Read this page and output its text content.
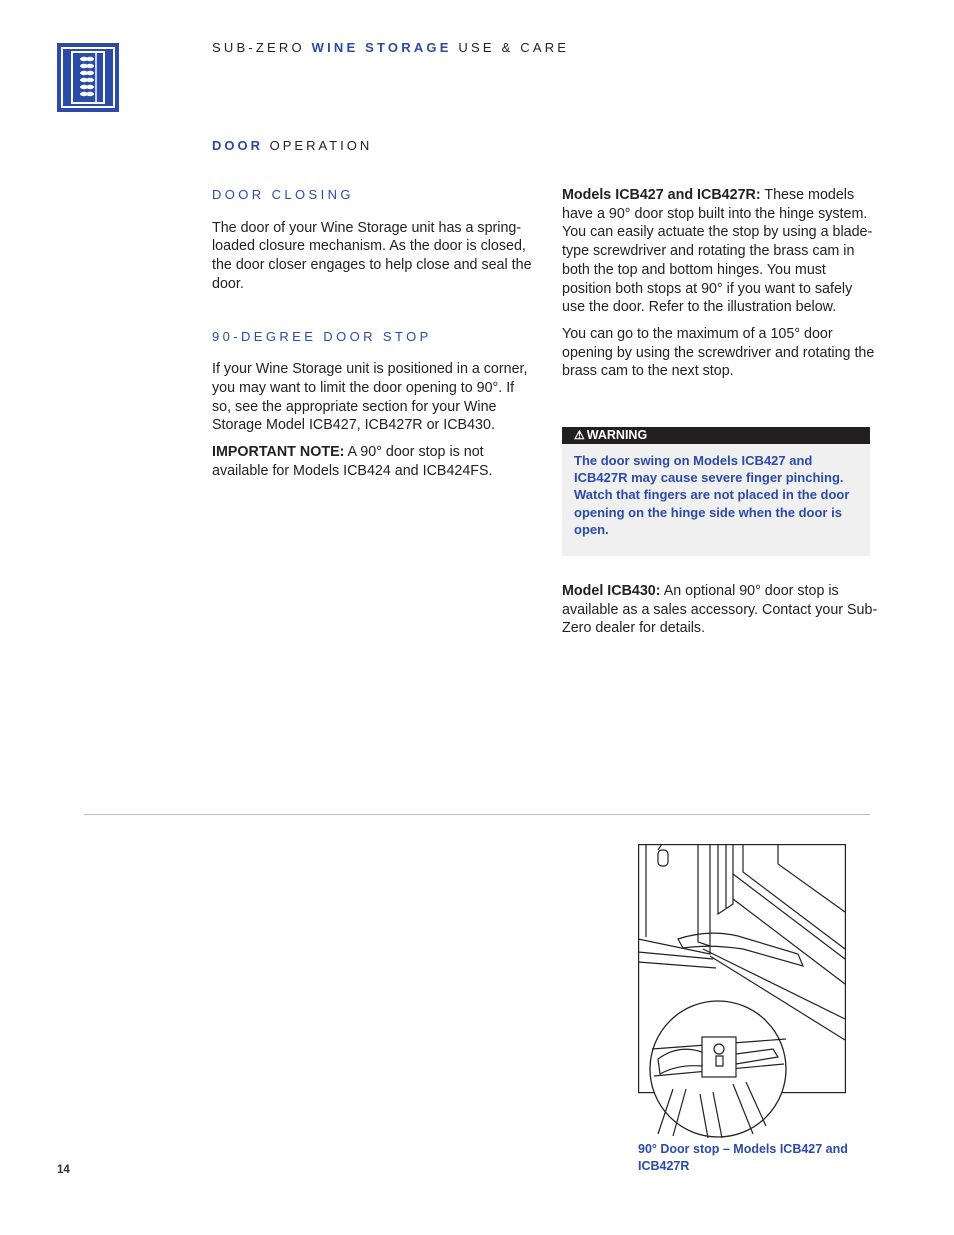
SUB-ZERO WINE STORAGE USE & CARE
DOOR OPERATION
DOOR CLOSING

The door of your Wine Storage unit has a spring-loaded closure mechanism. As the door is closed, the door closer engages to help close and seal the door.

90-DEGREE DOOR STOP

If your Wine Storage unit is positioned in a corner, you may want to limit the door opening to 90°. If so, see the appropriate section for your Wine Storage Model ICB427, ICB427R or ICB430.

IMPORTANT NOTE: A 90° door stop is not available for Models ICB424 and ICB424FS.

Models ICB427 and ICB427R: These models have a 90° door stop built into the hinge system. You can easily actuate the stop by using a blade-type screwdriver and rotating the brass cam in both the top and bottom hinges. You must position both stops at 90° if you want to safely use the door. Refer to the illustration below.

You can go to the maximum of a 105° door opening by using the screwdriver and rotating the brass cam to the next stop.

⚠ WARNING
The door swing on Models ICB427 and ICB427R may cause severe finger pinching. Watch that fingers are not placed in the door opening on the hinge side when the door is open.
Model ICB430: An optional 90° door stop is available as a sales accessory. Contact your Sub-Zero dealer for details.
90° Door stop – Models ICB427 and ICB427R
14
